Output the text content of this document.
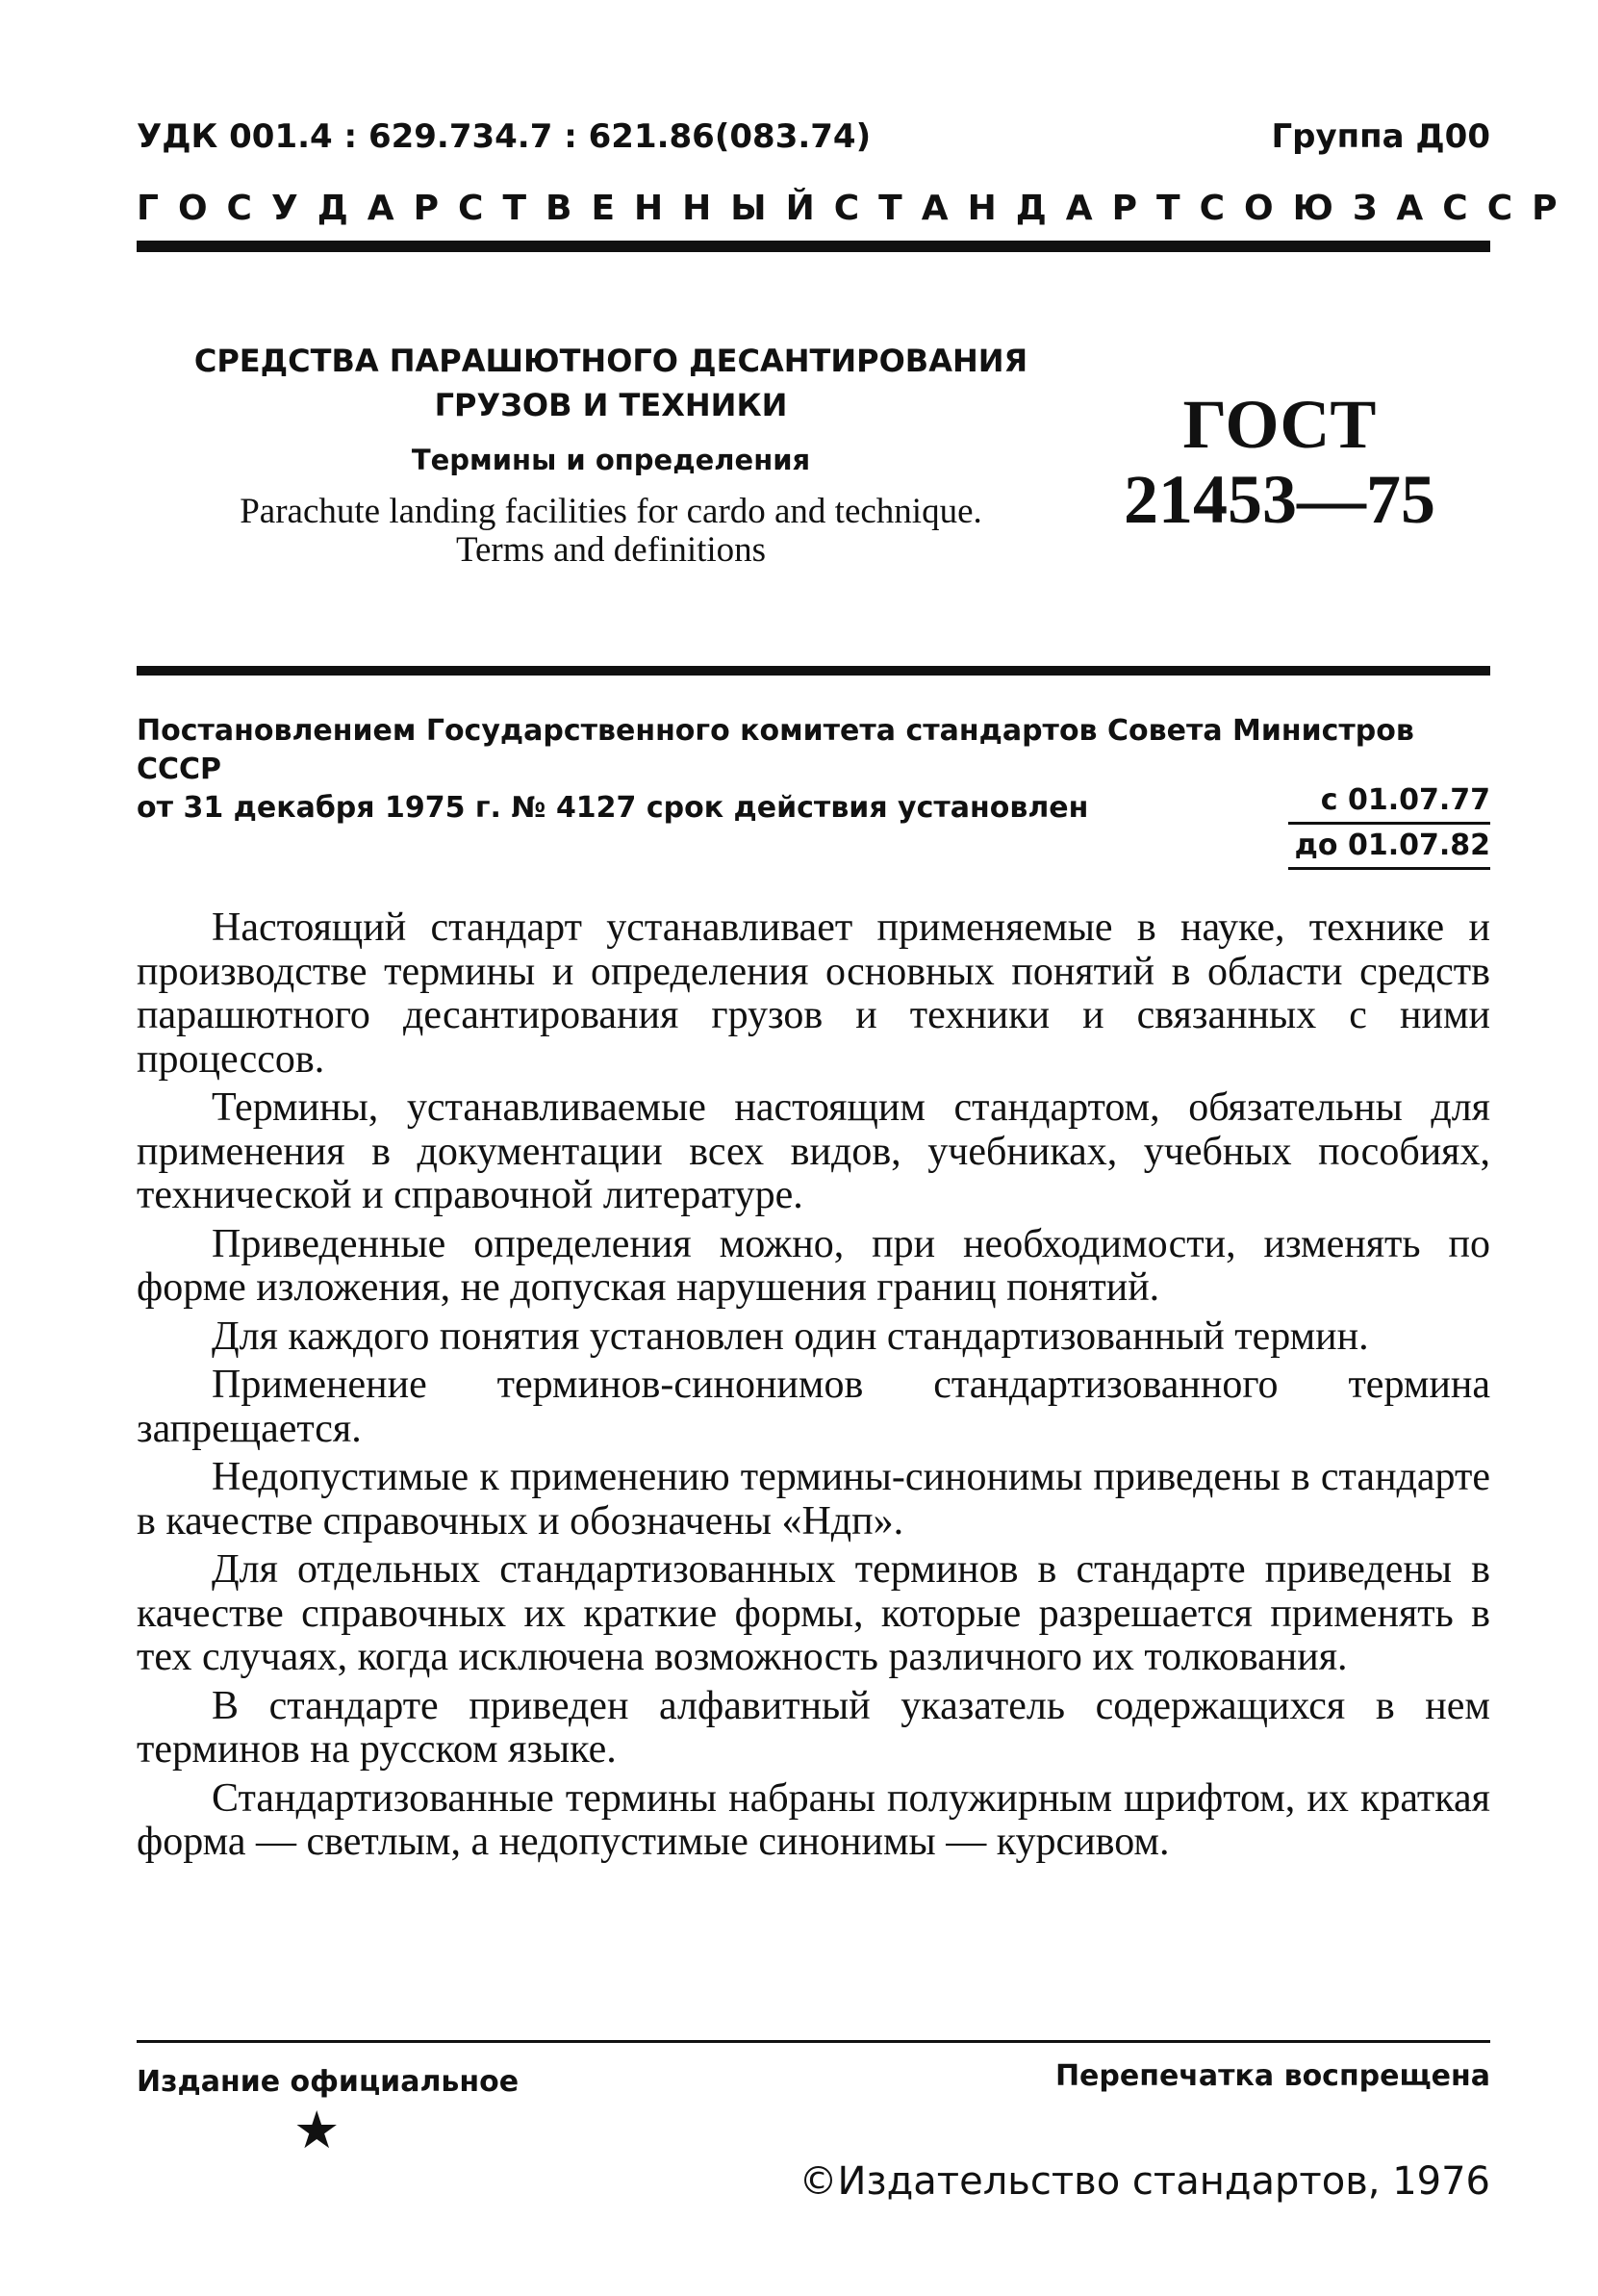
УДК 001.4 : 629.734.7 : 621.86(083.74)	Группа Д00
ГОСУДАРСТВЕННЫЙ СТАНДАРТ СОЮЗА ССР
СРЕДСТВА ПАРАШЮТНОГО ДЕСАНТИРОВАНИЯ
ГРУЗОВ И ТЕХНИКИ
Термины и определения
Parachute landing facilities for cardo and technique.
Terms and definitions
ГОСТ
21453—75
Постановлением Государственного комитета стандартов Совета Министров СССР
от 31 декабря 1975 г. № 4127 срок действия установлен	с 01.07.77
до 01.07.82

Настоящий стандарт устанавливает применяемые в науке, технике и производстве термины и определения основных понятий в области средств парашютного десантирования грузов и техники и связанных с ними процессов.

Термины, устанавливаемые настоящим стандартом, обязательны для применения в документации всех видов, учебниках, учебных пособиях, технической и справочной литературе.

Приведенные определения можно, при необходимости, изменять по форме изложения, не допуская нарушения границ понятий.

Для каждого понятия установлен один стандартизованный термин.

Применение терминов-синонимов стандартизованного термина запрещается.

Недопустимые к применению термины-синонимы приведены в стандарте в качестве справочных и обозначены «Ндп».

Для отдельных стандартизованных терминов в стандарте приведены в качестве справочных их краткие формы, которые разрешается применять в тех случаях, когда исключена возможность различного их толкования.

В стандарте приведен алфавитный указатель содержащихся в нем терминов на русском языке.

Стандартизованные термины набраны полужирным шрифтом, их краткая форма — светлым, а недопустимые синонимы — курсивом.

Издание официальное	Перепечатка воспрещена
★
©Издательство стандартов, 1976
